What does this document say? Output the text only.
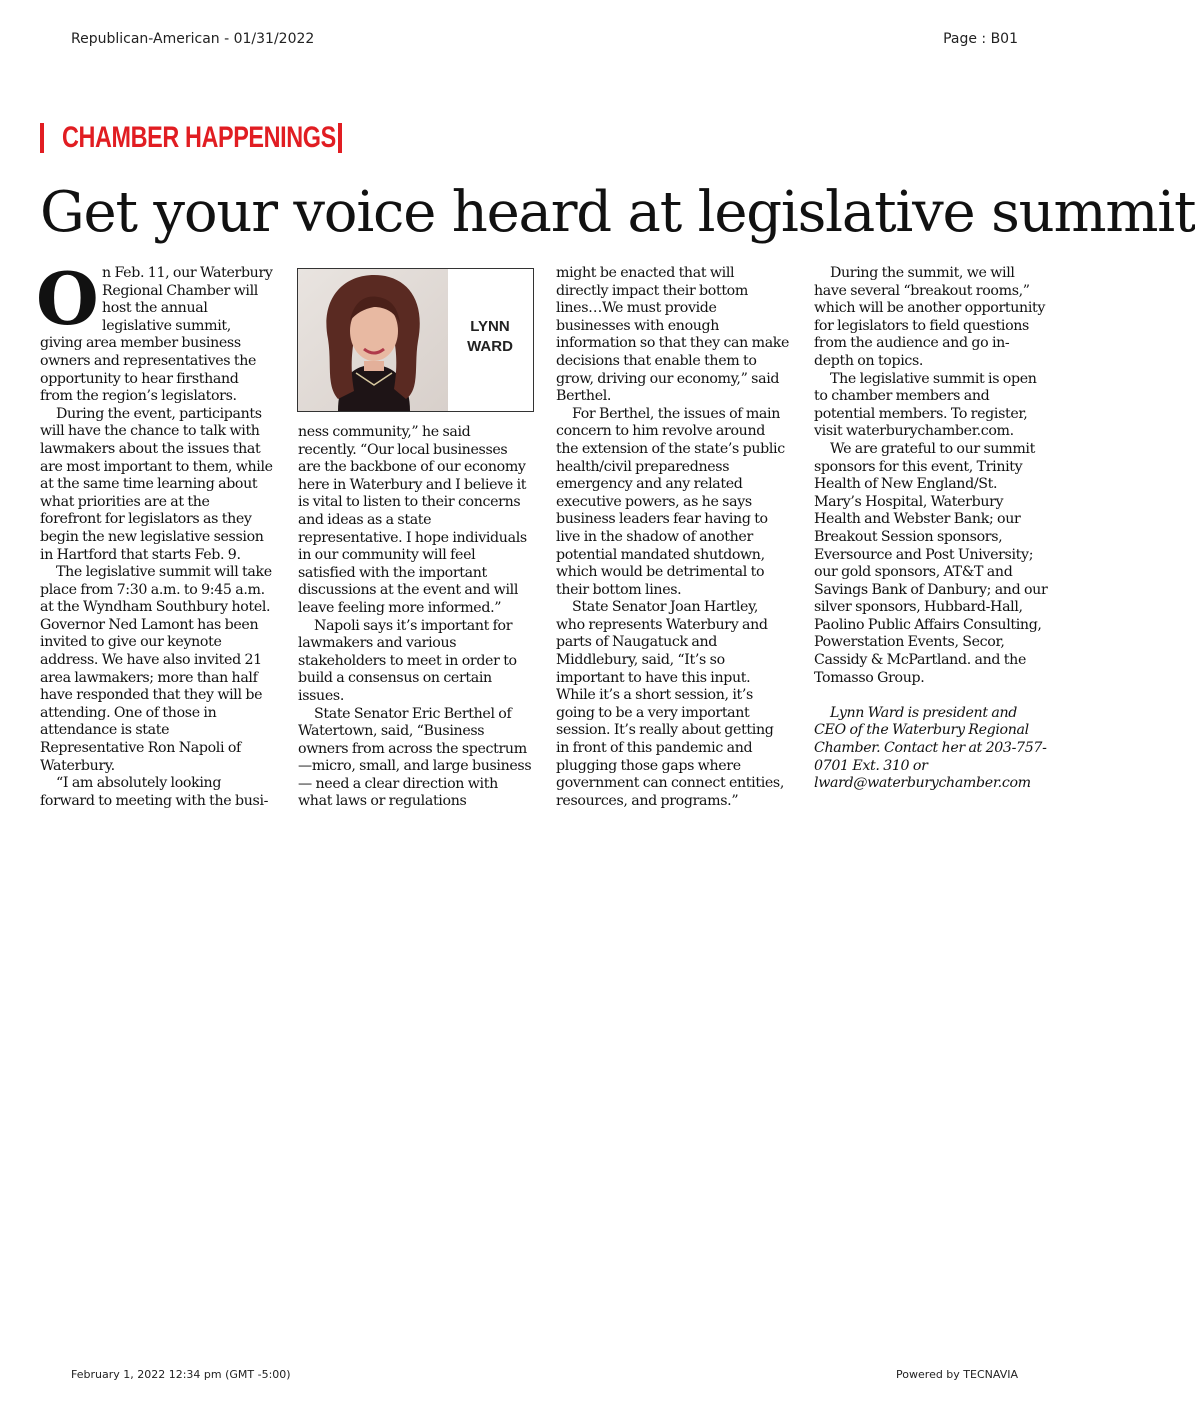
Republican-American - 01/31/2022	Page : B01
CHAMBER HAPPENINGS
Get your voice heard at legislative summit

On Feb. 11, our Waterbury Regional Chamber will host the annual legislative summit, giving area member business owners and representatives the opportunity to hear firsthand from the region’s legislators.

During the event, participants will have the chance to talk with lawmakers about the issues that are most important to them, while at the same time learning about what priorities are at the forefront for legislators as they begin the new legislative session in Hartford that starts Feb. 9.

The legislative summit will take place from 7:30 a.m. to 9:45 a.m. at the Wyndham Southbury hotel. Governor Ned Lamont has been invited to give our keynote address. We have also invited 21 area lawmakers; more than half have responded that they will be attending. One of those in attendance is state Representative Ron Napoli of Waterbury.

“I am absolutely looking forward to meeting with the busi-

LYNN WARD

ness community,” he said recently. “Our local businesses are the backbone of our economy here in Waterbury and I believe it is vital to listen to their concerns and ideas as a state representative. I hope individuals in our community will feel satisfied with the important discussions at the event and will leave feeling more informed.”

Napoli says it’s important for lawmakers and various stakeholders to meet in order to build a consensus on certain issues.

State Senator Eric Berthel of Watertown, said, “Business owners from across the spectrum—micro, small, and large business— need a clear direction with what laws or regulations

might be enacted that will directly impact their bottom lines…We must provide businesses with enough information so that they can make decisions that enable them to grow, driving our economy,” said Berthel.

For Berthel, the issues of main concern to him revolve around the extension of the state’s public health/civil preparedness emergency and any related executive powers, as he says business leaders fear having to live in the shadow of another potential mandated shutdown, which would be detrimental to their bottom lines.

State Senator Joan Hartley, who represents Waterbury and parts of Naugatuck and Middlebury, said, “It’s so important to have this input. While it’s a short session, it’s going to be a very important session. It’s really about getting in front of this pandemic and plugging those gaps where government can connect entities, resources, and programs.”

During the summit, we will have several “breakout rooms,” which will be another opportunity for legislators to field questions from the audience and go in-depth on topics.

The legislative summit is open to chamber members and potential members. To register, visit waterburychamber.com.

We are grateful to our summit sponsors for this event, Trinity Health of New England/St. Mary’s Hospital, Waterbury Health and Webster Bank; our Breakout Session sponsors, Eversource and Post University; our gold sponsors, AT&T and Savings Bank of Danbury; and our silver sponsors, Hubbard-Hall, Paolino Public Affairs Consulting, Powerstation Events, Secor, Cassidy & McPartland. and the Tomasso Group.

Lynn Ward is president and CEO of the Waterbury Regional Chamber. Contact her at 203-757-0701 Ext. 310 or lward@waterburychamber.com

February 1, 2022 12:34 pm (GMT -5:00)	Powered by TECNAVIA
